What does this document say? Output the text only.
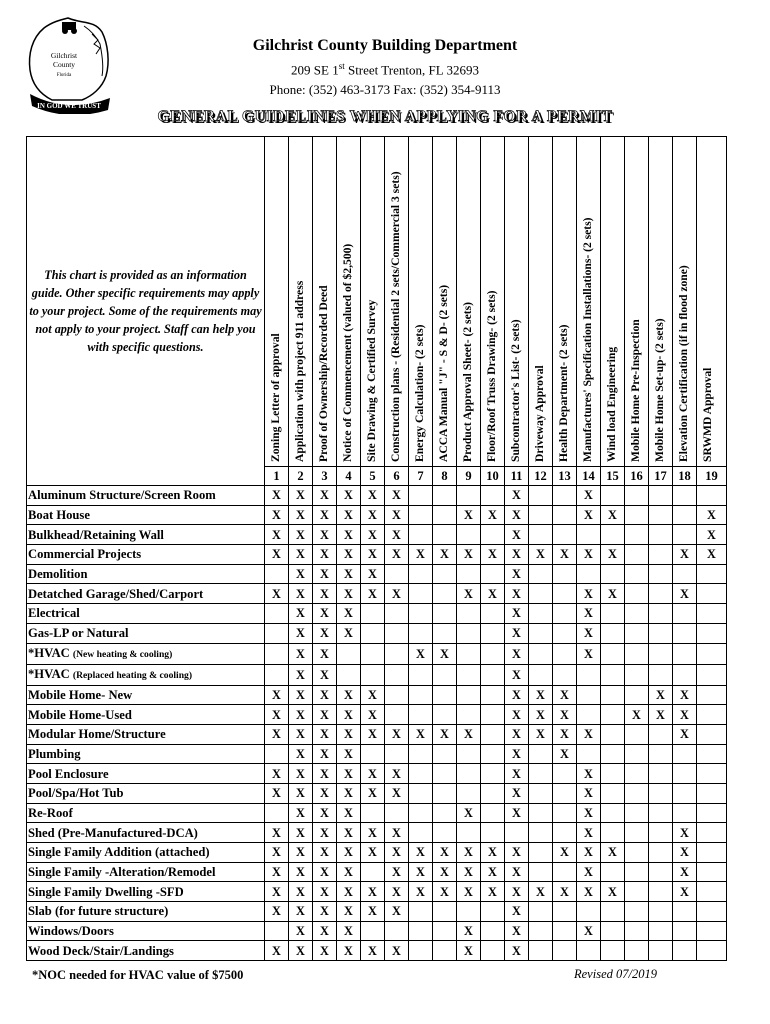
Gilchrist
County
Florida
IN GOD WE TRUST
Gilchrist County Building Department
209 SE 1st Street Trenton, FL 32693
Phone: (352) 463-3173 Fax: (352) 354-9113
GENERAL GUIDELINES WHEN APPLYING FOR A PERMIT
This chart is provided as an information guide. Other specific requirements may apply to your project. Some of the requirements may not apply to your project. Staff can help you with specific questions.	Zoning Letter of approval	Application with project 911 address	Proof of Ownership/Recorded Deed	Notice of Commencement (valued of $2,500)	Site Drawing & Certified Survey	Construction plans - (Residential 2 sets/Commercial 3 sets)	Energy Calculation- (2 sets)	ACCA Manual "J" - S & D- (2 sets)	Product Approval Sheet- (2 sets)	Floor/Roof Truss Drawing- (2 sets)	Subcontractor's List- (2 sets)	Driveway Approval	Health Department- (2 sets)	Manufactures' Specification Installations- (2 sets)	Wind load Engineering	Mobile Home Pre-Inspection	Mobile Home Set-up- (2 sets)	Elevation Certification (if in flood zone)	SRWMD Approval

	1	2	3	4	5	6	7	8	9	10	11	12	13	14	15	16	17	18	19
Aluminum Structure/Screen Room	X	X	X	X	X	X					X			X					
Boat House	X	X	X	X	X	X			X	X	X			X	X				X
Bulkhead/Retaining Wall	X	X	X	X	X	X					X								X
Commercial Projects	X	X	X	X	X	X	X	X	X	X	X	X	X	X	X			X	X
Demolition		X	X	X	X						X								
Detatched Garage/Shed/Carport	X	X	X	X	X	X			X	X	X			X	X			X	
Electrical		X	X	X							X			X					
Gas-LP or Natural		X	X	X							X			X					
*HVAC (New heating & cooling)		X	X				X	X			X			X					
*HVAC (Replaced heating & cooling)		X	X								X								
Mobile Home- New	X	X	X	X	X						X	X	X				X	X	
Mobile Home-Used	X	X	X	X	X						X	X	X			X	X	X	
Modular Home/Structure	X	X	X	X	X	X	X	X	X		X	X	X	X				X	
Plumbing		X	X	X							X		X						
Pool Enclosure	X	X	X	X	X	X					X			X					
Pool/Spa/Hot Tub	X	X	X	X	X	X					X			X					
Re-Roof		X	X	X					X		X			X					
Shed (Pre-Manufactured-DCA)	X	X	X	X	X	X								X				X	
Single Family Addition (attached)	X	X	X	X	X	X	X	X	X	X	X		X	X	X			X	
Single Family -Alteration/Remodel	X	X	X	X		X	X	X	X	X	X			X				X	
Single Family Dwelling -SFD	X	X	X	X	X	X	X	X	X	X	X	X	X	X	X			X	
Slab (for future structure)	X	X	X	X	X	X					X								
Windows/Doors		X	X	X					X		X			X					
Wood Deck/Stair/Landings	X	X	X	X	X	X			X		X								
*NOC needed for HVAC value of $7500	Revised 07/2019
